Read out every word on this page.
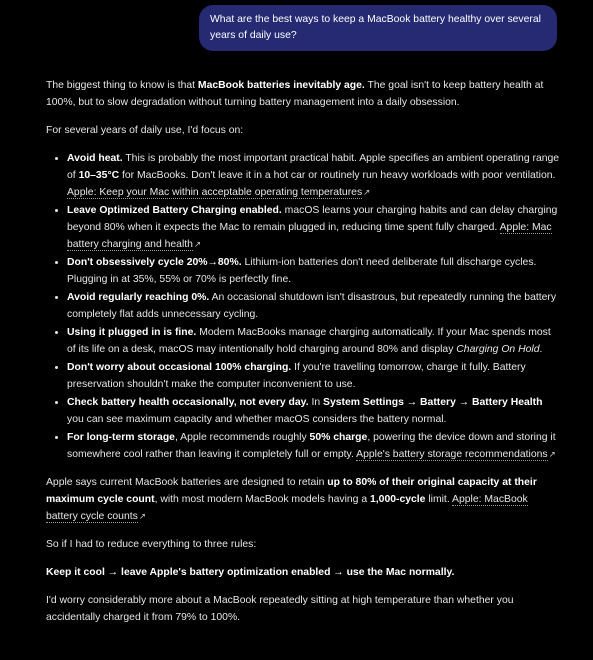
What are the best ways to keep a MacBook battery healthy over several years of daily use?

The biggest thing to know is that MacBook batteries inevitably age. The goal isn't to keep battery health at 100%, but to slow degradation without turning battery management into a daily obsession.

For several years of daily use, I'd focus on:

• Avoid heat. This is probably the most important practical habit. Apple specifies an ambient operating range of 10–35°C for MacBooks. Don't leave it in a hot car or routinely run heavy workloads with poor ventilation. Apple: Keep your Mac within acceptable operating temperatures↗
• Leave Optimized Battery Charging enabled. macOS learns your charging habits and can delay charging beyond 80% when it expects the Mac to remain plugged in, reducing time spent fully charged. Apple: Mac battery charging and health↗
• Don't obsessively cycle 20%→80%. Lithium-ion batteries don't need deliberate full discharge cycles. Plugging in at 35%, 55% or 70% is perfectly fine.
• Avoid regularly reaching 0%. An occasional shutdown isn't disastrous, but repeatedly running the battery completely flat adds unnecessary cycling.
• Using it plugged in is fine. Modern MacBooks manage charging automatically. If your Mac spends most of its life on a desk, macOS may intentionally hold charging around 80% and display Charging On Hold.
• Don't worry about occasional 100% charging. If you're travelling tomorrow, charge it fully. Battery preservation shouldn't make the computer inconvenient to use.
• Check battery health occasionally, not every day. In System Settings → Battery → Battery Health you can see maximum capacity and whether macOS considers the battery normal.
• For long-term storage, Apple recommends roughly 50% charge, powering the device down and storing it somewhere cool rather than leaving it completely full or empty. Apple's battery storage recommendations↗

Apple says current MacBook batteries are designed to retain up to 80% of their original capacity at their maximum cycle count, with most modern MacBook models having a 1,000-cycle limit. Apple: MacBook battery cycle counts↗

So if I had to reduce everything to three rules:

Keep it cool → leave Apple's battery optimization enabled → use the Mac normally.

I'd worry considerably more about a MacBook repeatedly sitting at high temperature than whether you accidentally charged it from 79% to 100%.
